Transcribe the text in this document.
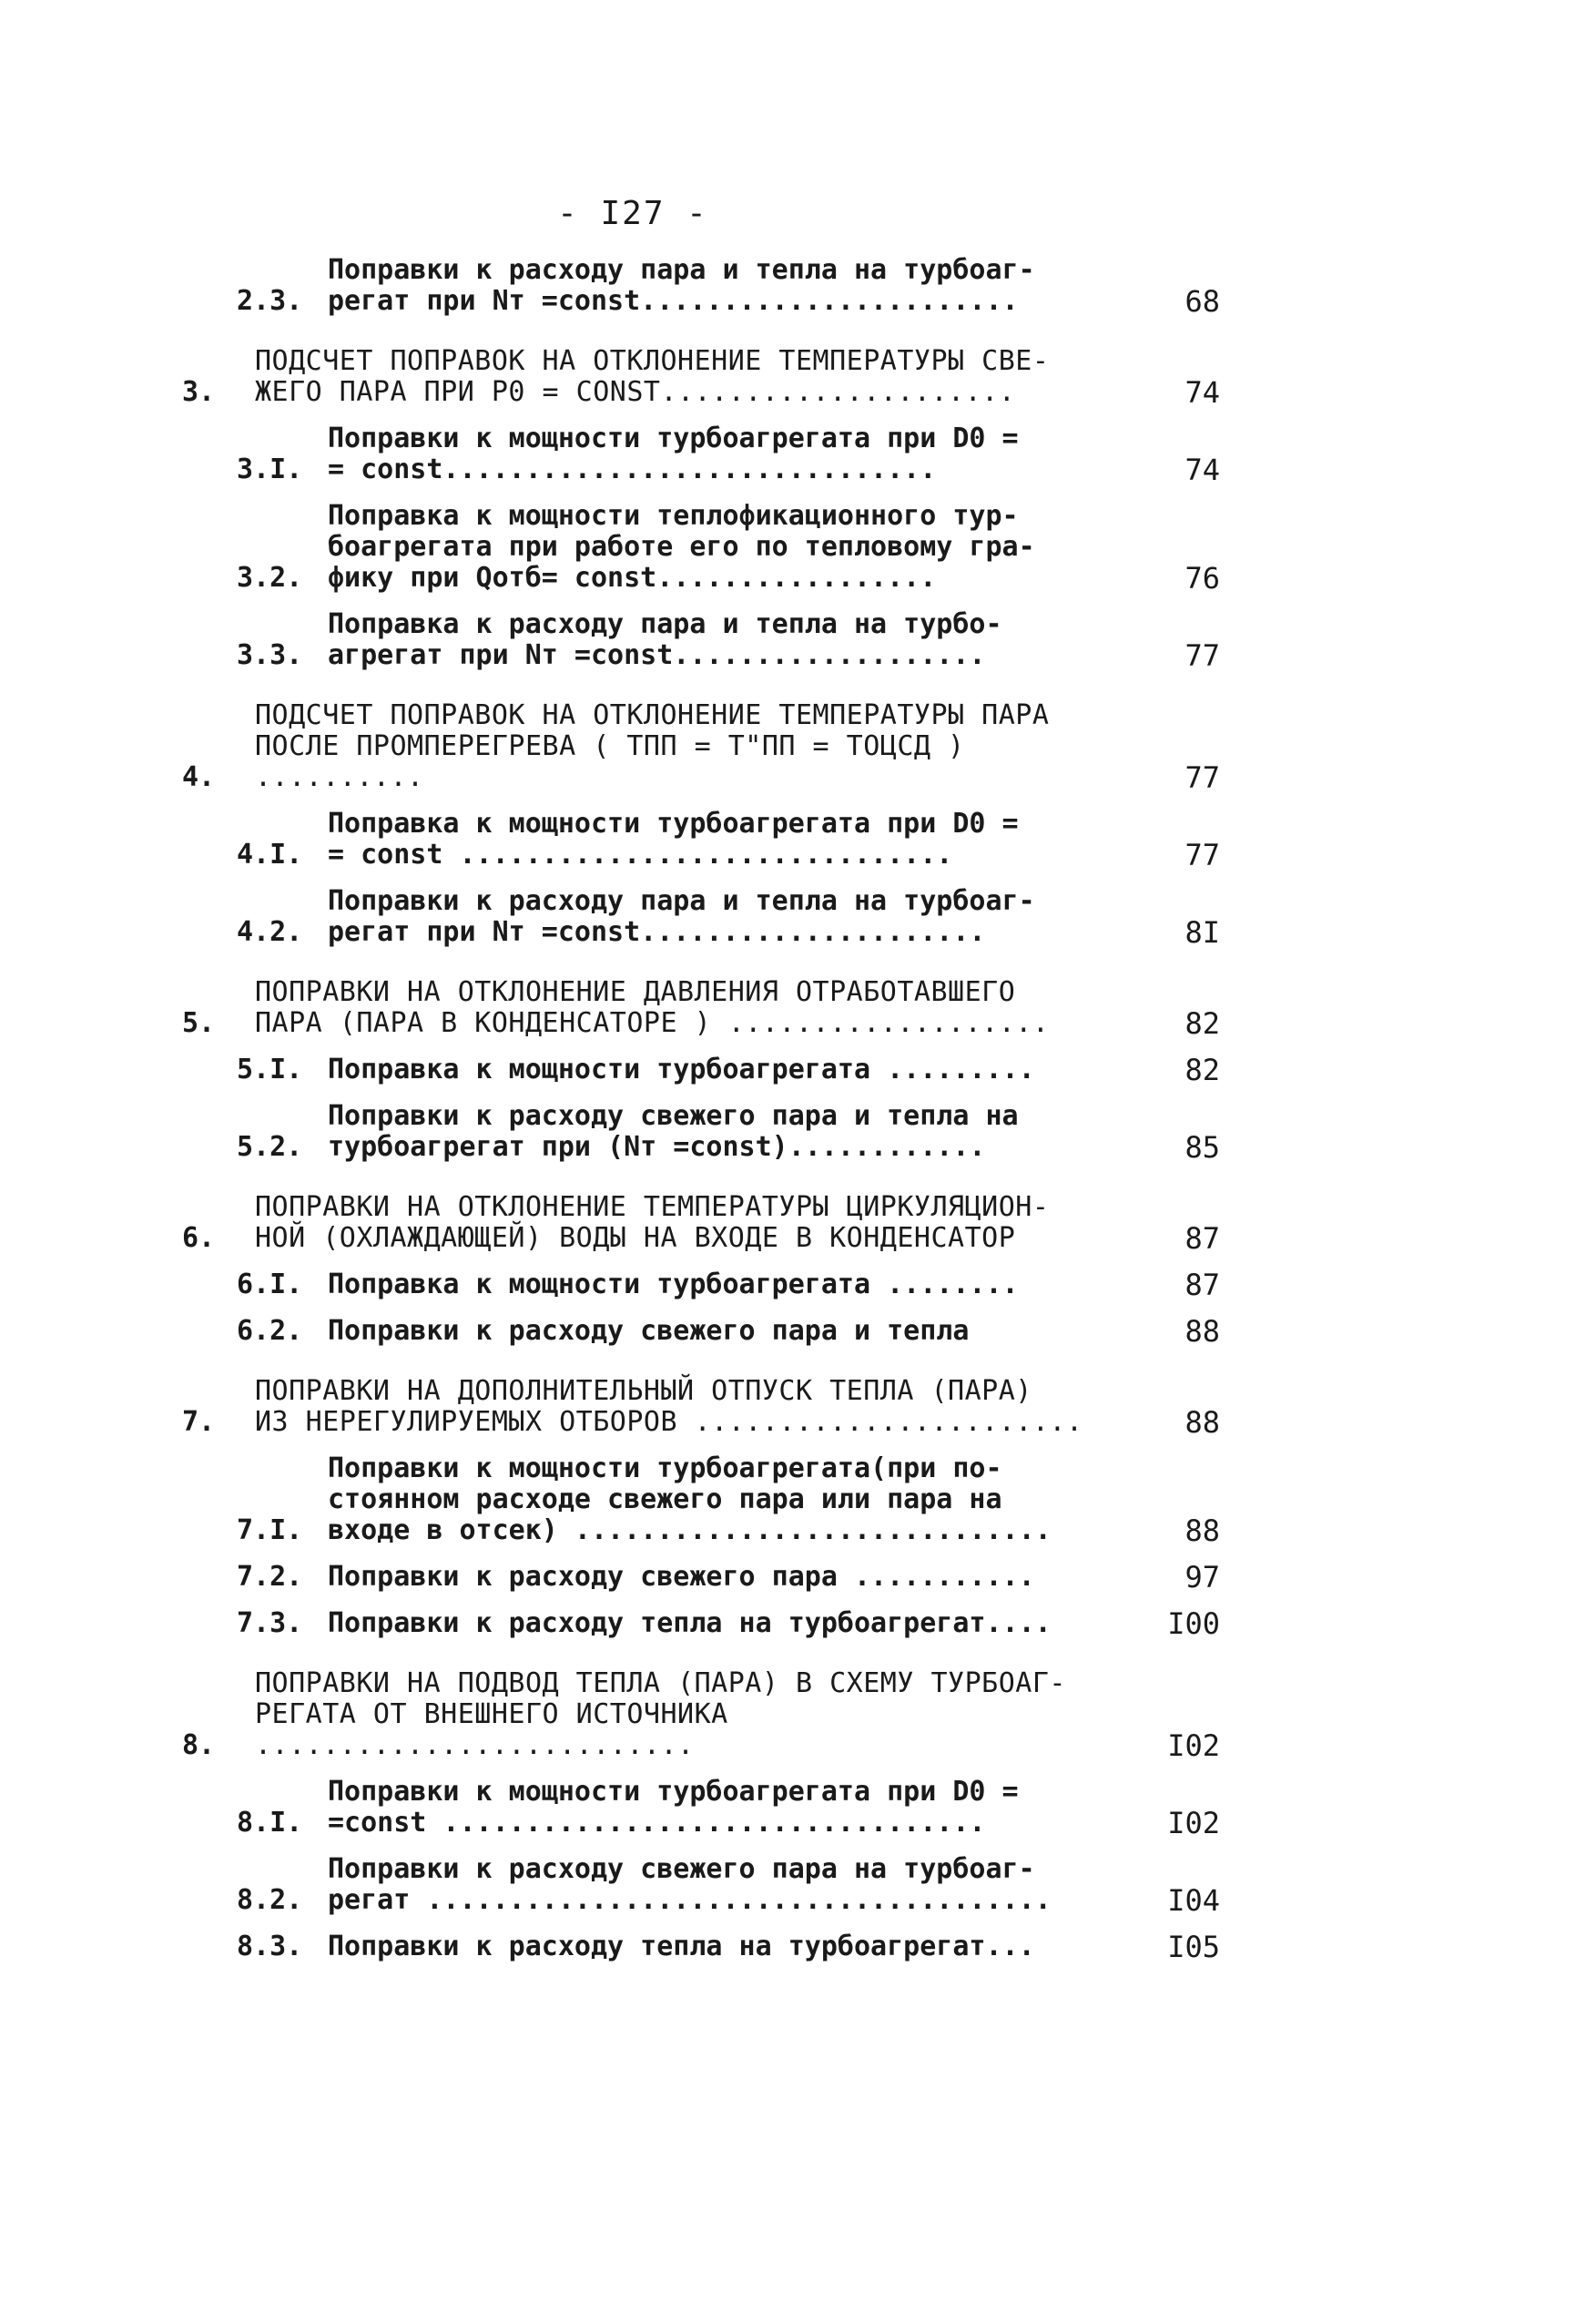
- I27 -
2.3.
Поправки к расходу пара и тепла на турбоаг-
регат при Nт =const.......................	68
3.
ПОДСЧЕТ ПОПРАВОК НА ОТКЛОНЕНИЕ ТЕМПЕРАТУРЫ СВЕ-
ЖЕГО ПАРА ПРИ P0 = CONST.....................	74
3.I.
Поправки к мощности турбоагрегата при D0 =
= const..............................	74
3.2.
Поправка к мощности теплофикационного тур-
боагрегата при работе его по тепловому гра-
фику при Qотб= const.................	76
3.3.
Поправка к расходу пара и тепла на турбо-
агрегат при Nт =const...................	77
4.
ПОДСЧЕТ ПОПРАВОК НА ОТКЛОНЕНИЕ ТЕМПЕРАТУРЫ ПАРА
ПОСЛЕ ПРОМПЕРЕГРЕВА ( TПП = T"ПП = TОЦСД ) ..........	77
4.I.
Поправка к мощности турбоагрегата при D0 =
= const ..............................	77
4.2.
Поправки к расходу пара и тепла на турбоаг-
регат при Nт =const.....................	8I
5.
ПОПРАВКИ НА ОТКЛОНЕНИЕ ДАВЛЕНИЯ ОТРАБОТАВШЕГО
ПАРА (ПАРА В КОНДЕНСАТОРЕ ) ...................	82
5.I. Поправка к мощности турбоагрегата .........	82
5.2.
Поправки к расходу свежего пара и тепла на
турбоагрегат при (Nт =const)............	85
6.
ПОПРАВКИ НА ОТКЛОНЕНИЕ ТЕМПЕРАТУРЫ ЦИРКУЛЯЦИОН-
НОЙ (ОХЛАЖДАЮЩЕЙ) ВОДЫ НА ВХОДЕ В КОНДЕНСАТОР	87
6.I. Поправка к мощности турбоагрегата ........	87
6.2. Поправки к расходу свежего пара и тепла	88
7.
ПОПРАВКИ НА ДОПОЛНИТЕЛЬНЫЙ ОТПУСК ТЕПЛА (ПАРА)
ИЗ НЕРЕГУЛИРУЕМЫХ ОТБОРОВ .......................	88
7.I.
Поправки к мощности турбоагрегата(при по-
стоянном расходе свежего пара или пара на
входе в отсек) .............................	88
7.2. Поправки к расходу свежего пара ...........	97
7.3. Поправки к расходу тепла на турбоагрегат....	I00
8.
ПОПРАВКИ НА ПОДВОД ТЕПЛА (ПАРА) В СХЕМУ ТУРБОАГ-
РЕГАТА ОТ ВНЕШНЕГО ИСТОЧНИКА ..........................	I02
8.I.
Поправки к мощности турбоагрегата при D0 =
=const .................................	I02
8.2.
Поправки к расходу свежего пара на турбоаг-
регат ......................................	I04
8.3. Поправки к расходу тепла на турбоагрегат...	I05
